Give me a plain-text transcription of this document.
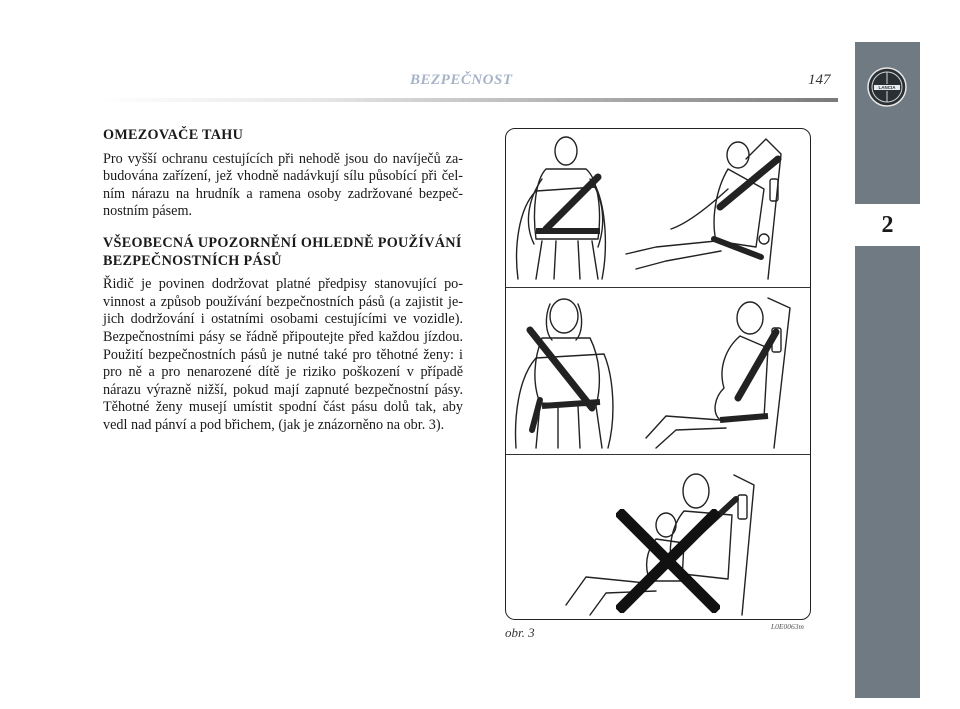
BEZPEČNOST	147
2
LANCIA
OMEZOVAČE TAHU

Pro vyšší ochranu cestujících při nehodě jsou do navíječů za- budována zařízení, jež vhodně nadávkují sílu působící při čel- ním nárazu na hrudník a ramena osoby zadržované bezpeč- nostním pásem.

VŠEOBECNÁ UPOZORNĚNÍ OHLEDNĚ POUŽÍVÁNÍ BEZPEČNOSTNÍCH PÁSŮ

Řidič je povinen dodržovat platné předpisy stanovující po- vinnost a způsob používání bezpečnostních pásů (a zajistit je- jich dodržování i ostatními osobami cestujícími ve vozidle). Bezpečnostními pásy se řádně připoutejte před každou jízdou. Použití bezpečnostních pásů je nutné také pro těhotné ženy: i pro ně a pro nenarozené dítě je riziko poškození v případě nárazu výrazně nižší, pokud mají zapnuté bezpečnostní pásy. Těhotné ženy musejí umístit spodní část pásu dolů tak, aby vedl nad pánví a pod břichem, (jak je znázorněno na obr. 3).

obr. 3	L0E0063m
